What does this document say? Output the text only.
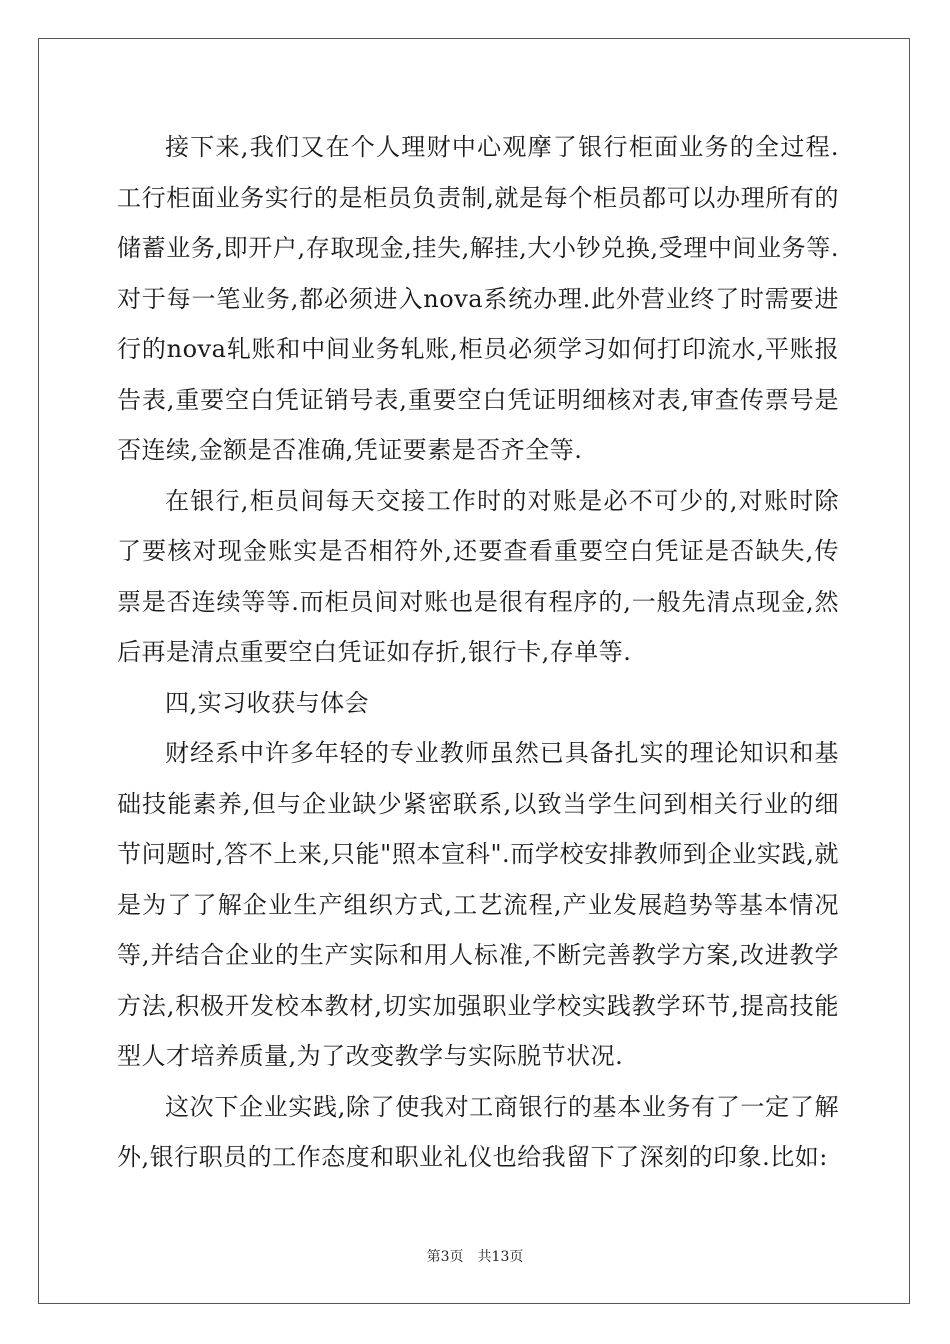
接下来,我们又在个人理财中心观摩了银行柜面业务的全过程.工行柜面业务实行的是柜员负责制,就是每个柜员都可以办理所有的储蓄业务,即开户,存取现金,挂失,解挂,大小钞兑换,受理中间业务等.对于每一笔业务,都必须进入nova系统办理.此外营业终了时需要进行的nova轧账和中间业务轧账,柜员必须学习如何打印流水,平账报告表,重要空白凭证销号表,重要空白凭证明细核对表,审查传票号是否连续,金额是否准确,凭证要素是否齐全等.

在银行,柜员间每天交接工作时的对账是必不可少的,对账时除了要核对现金账实是否相符外,还要查看重要空白凭证是否缺失,传票是否连续等等.而柜员间对账也是很有程序的,一般先清点现金,然后再是清点重要空白凭证如存折,银行卡,存单等.

四,实习收获与体会

财经系中许多年轻的专业教师虽然已具备扎实的理论知识和基础技能素养,但与企业缺少紧密联系,以致当学生问到相关行业的细节问题时,答不上来,只能"照本宣科".而学校安排教师到企业实践,就是为了了解企业生产组织方式,工艺流程,产业发展趋势等基本情况等,并结合企业的生产实际和用人标准,不断完善教学方案,改进教学方法,积极开发校本教材,切实加强职业学校实践教学环节,提高技能型人才培养质量,为了改变教学与实际脱节状况.

这次下企业实践,除了使我对工商银行的基本业务有了一定了解外,银行职员的工作态度和职业礼仪也给我留下了深刻的印象.比如:

第3页　共13页
